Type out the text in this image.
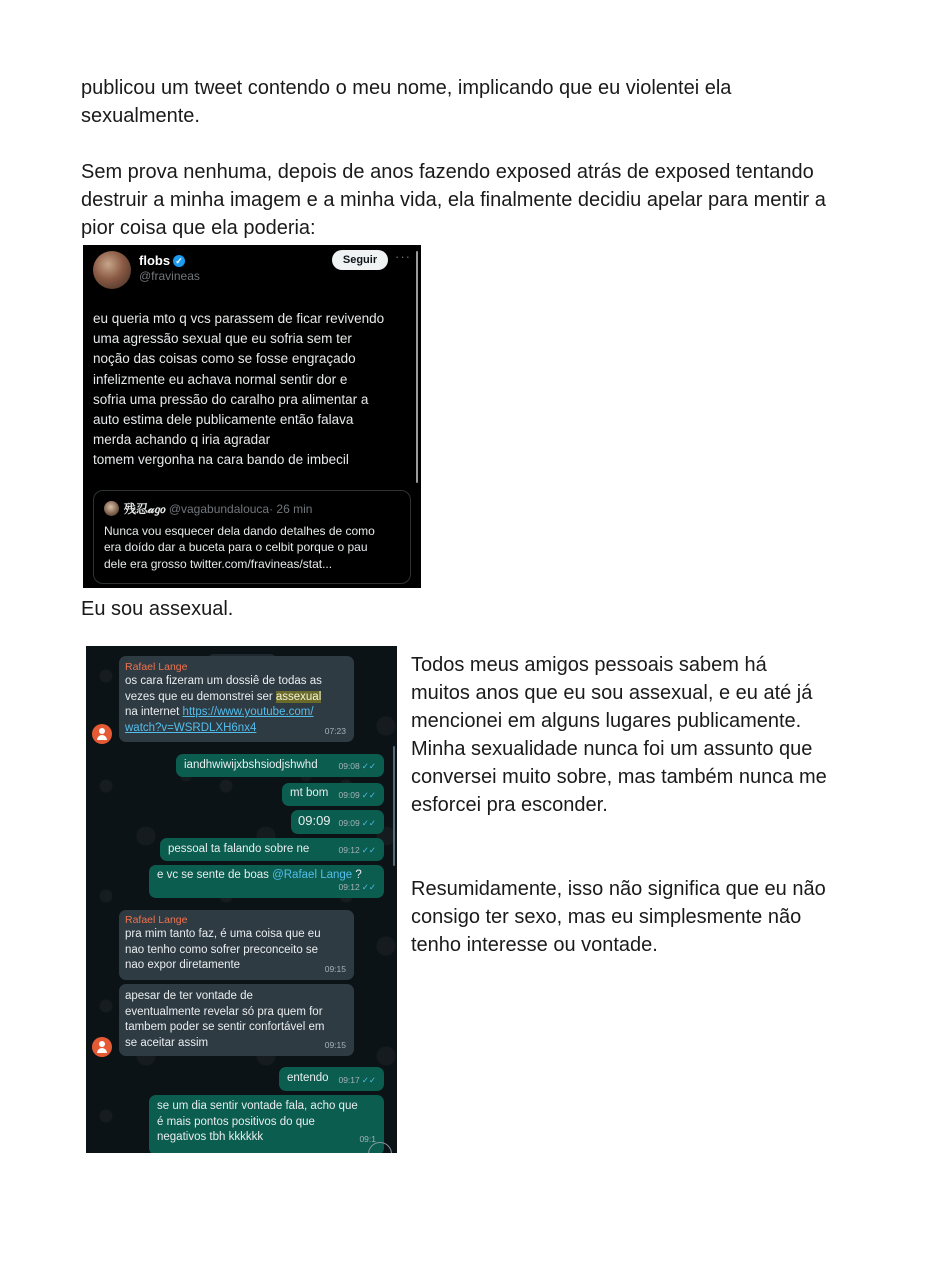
publicou um tweet contendo o meu nome, implicando que eu violentei ela sexualmente.

Sem prova nenhuma, depois de anos fazendo exposed atrás de exposed tentando destruir a minha imagem e a minha vida, ela finalmente decidiu apelar para mentir a pior coisa que ela poderia:

flobs ✓
@fravineas
Seguir	···
eu queria mto q vcs parassem de ficar revivendo
uma agressão sexual que eu sofria sem ter
noção das coisas como se fosse engraçado
infelizmente eu achava normal sentir dor e
sofria uma pressão do caralho pra alimentar a
auto estima dele publicamente então falava
merda achando q iria agradar
tomem vergonha na cara bando de imbecil
残忍𝒶𝑔𝑜 @vagabundalouca· 26 min
Nunca vou esquecer dela dando detalhes de como
era doído dar a buceta para o celbit porque o pau
dele era grosso twitter.com/fravineas/stat...

Eu sou assexual.

Rafael Lange
os cara fizeram um dossiê de todas as
vezes que eu demonstrei ser assexual
na internet https://www.youtube.com/
watch?v=WSRDLXH6nx4	07:23
iandhwiwijxbshsiodjshwhd 09:08 ✓✓
mt bom 09:09 ✓✓
09:09 09:09 ✓✓
pessoal ta falando sobre ne	09:12 ✓✓
e vc se sente de boas @Rafael Lange ?
09:12 ✓✓
Rafael Lange
pra mim tanto faz, é uma coisa que eu
nao tenho como sofrer preconceito se
nao expor diretamente	09:15
apesar de ter vontade de
eventualmente revelar só pra quem for
tambem poder se sentir confortável em
se aceitar assim	09:15
entendo 09:17 ✓✓
se um dia sentir vontade fala, acho que
é mais pontos positivos do que
negativos tbh kkkkkk	09:1

Todos meus amigos pessoais sabem há muitos anos que eu sou assexual, e eu até já mencionei em alguns lugares publicamente. Minha sexualidade nunca foi um assunto que conversei muito sobre, mas também nunca me esforcei pra esconder.

Resumidamente, isso não significa que eu não consigo ter sexo, mas eu simplesmente não tenho interesse ou vontade.
